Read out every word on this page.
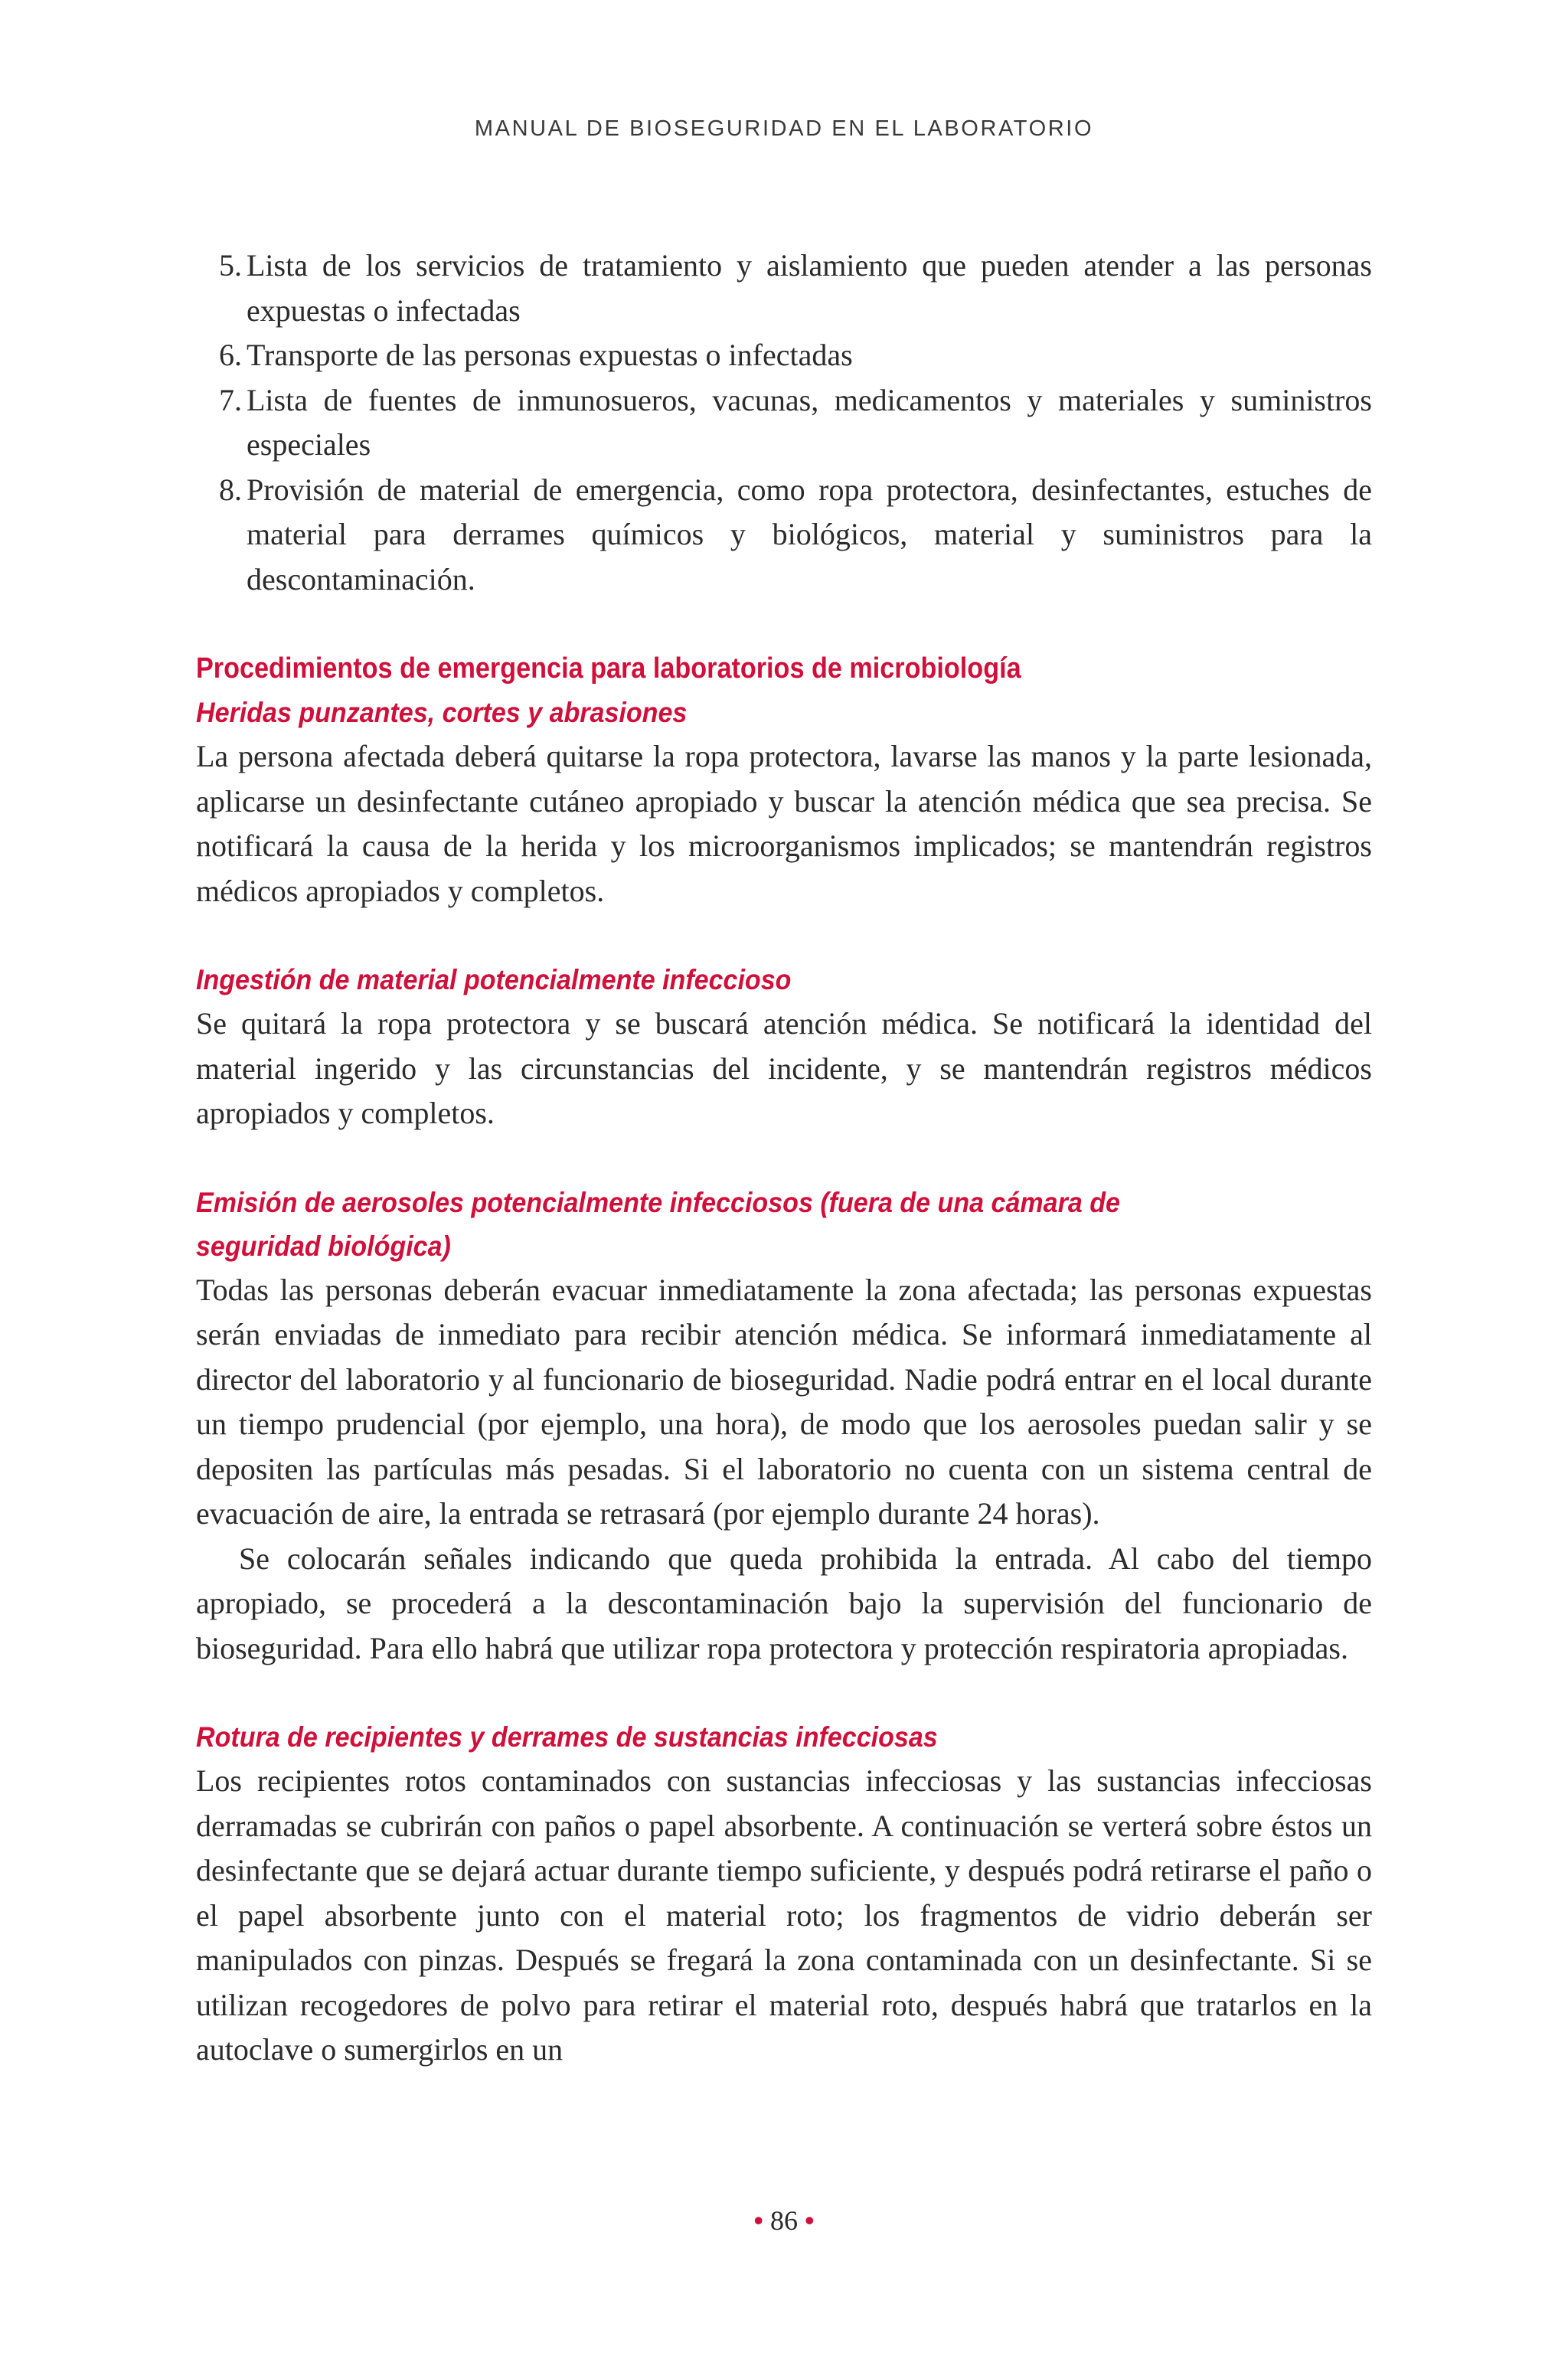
MANUAL DE BIOSEGURIDAD EN EL LABORATORIO
5. Lista de los servicios de tratamiento y aislamiento que pueden atender a las personas expuestas o infectadas
6. Transporte de las personas expuestas o infectadas
7. Lista de fuentes de inmunosueros, vacunas, medicamentos y materiales y suministros especiales
8. Provisión de material de emergencia, como ropa protectora, desinfectantes, estuches de material para derrames químicos y biológicos, material y suministros para la descontaminación.
Procedimientos de emergencia para laboratorios de microbiología
Heridas punzantes, cortes y abrasiones

La persona afectada deberá quitarse la ropa protectora, lavarse las manos y la parte lesionada, aplicarse un desinfectante cutáneo apropiado y buscar la atención médica que sea precisa. Se notificará la causa de la herida y los microorganismos implicados; se mantendrán registros médicos apropiados y completos.

Ingestión de material potencialmente infeccioso

Se quitará la ropa protectora y se buscará atención médica. Se notificará la identidad del material ingerido y las circunstancias del incidente, y se mantendrán registros médicos apropiados y completos.

Emisión de aerosoles potencialmente infecciosos (fuera de una cámara de
seguridad biológica)

Todas las personas deberán evacuar inmediatamente la zona afectada; las personas expuestas serán enviadas de inmediato para recibir atención médica. Se informará inmediatamente al director del laboratorio y al funcionario de bioseguridad. Nadie podrá entrar en el local durante un tiempo prudencial (por ejemplo, una hora), de modo que los aerosoles puedan salir y se depositen las partículas más pesadas. Si el laboratorio no cuenta con un sistema central de evacuación de aire, la entrada se retrasará (por ejemplo durante 24 horas).

Se colocarán señales indicando que queda prohibida la entrada. Al cabo del tiempo apropiado, se procederá a la descontaminación bajo la supervisión del funcionario de bioseguridad. Para ello habrá que utilizar ropa protectora y protección respiratoria apropiadas.

Rotura de recipientes y derrames de sustancias infecciosas

Los recipientes rotos contaminados con sustancias infecciosas y las sustancias infecciosas derramadas se cubrirán con paños o papel absorbente. A continuación se verterá sobre éstos un desinfectante que se dejará actuar durante tiempo suficiente, y después podrá retirarse el paño o el papel absorbente junto con el material roto; los fragmentos de vidrio deberán ser manipulados con pinzas. Después se fregará la zona contaminada con un desinfectante. Si se utilizan recogedores de polvo para retirar el material roto, después habrá que tratarlos en la autoclave o sumergirlos en un

• 86 •
